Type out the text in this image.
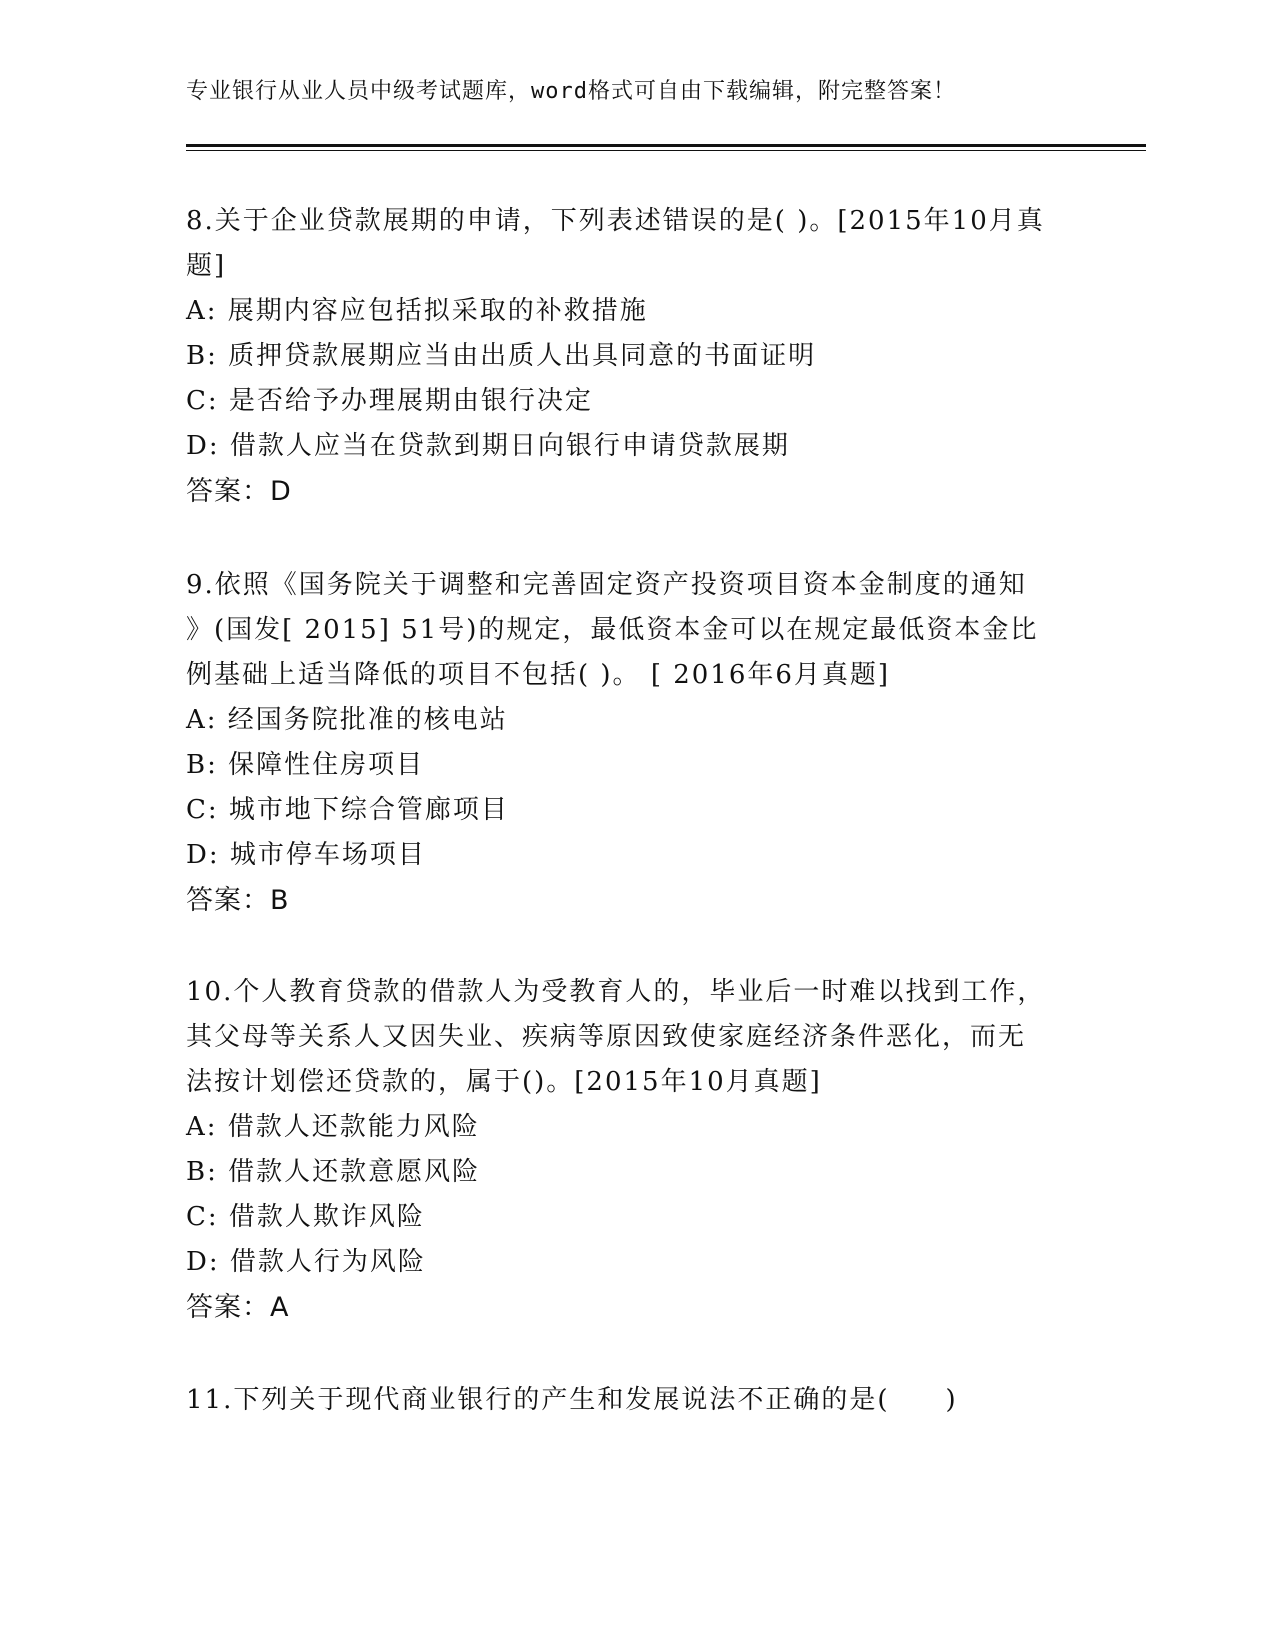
专业银行从业人员中级考试题库，word格式可自由下载编辑，附完整答案！

8.关于企业贷款展期的申请，下列表述错误的是( )。[2015年10月真

题]

A: 展期内容应包括拟采取的补救措施

B: 质押贷款展期应当由出质人出具同意的书面证明

C: 是否给予办理展期由银行决定

D: 借款人应当在贷款到期日向银行申请贷款展期

答案：D

9.依照《国务院关于调整和完善固定资产投资项目资本金制度的通知

》(国发[ 2015] 51号)的规定，最低资本金可以在规定最低资本金比

例基础上适当降低的项目不包括( )。 [ 2016年6月真题]

A: 经国务院批准的核电站

B: 保障性住房项目

C: 城市地下综合管廊项目

D: 城市停车场项目

答案：B

10.个人教育贷款的借款人为受教育人的，毕业后一时难以找到工作，

其父母等关系人又因失业、疾病等原因致使家庭经济条件恶化，而无

法按计划偿还贷款的，属于()。[2015年10月真题]

A: 借款人还款能力风险

B: 借款人还款意愿风险

C: 借款人欺诈风险

D: 借款人行为风险

答案：A

11.下列关于现代商业银行的产生和发展说法不正确的是(　　)
